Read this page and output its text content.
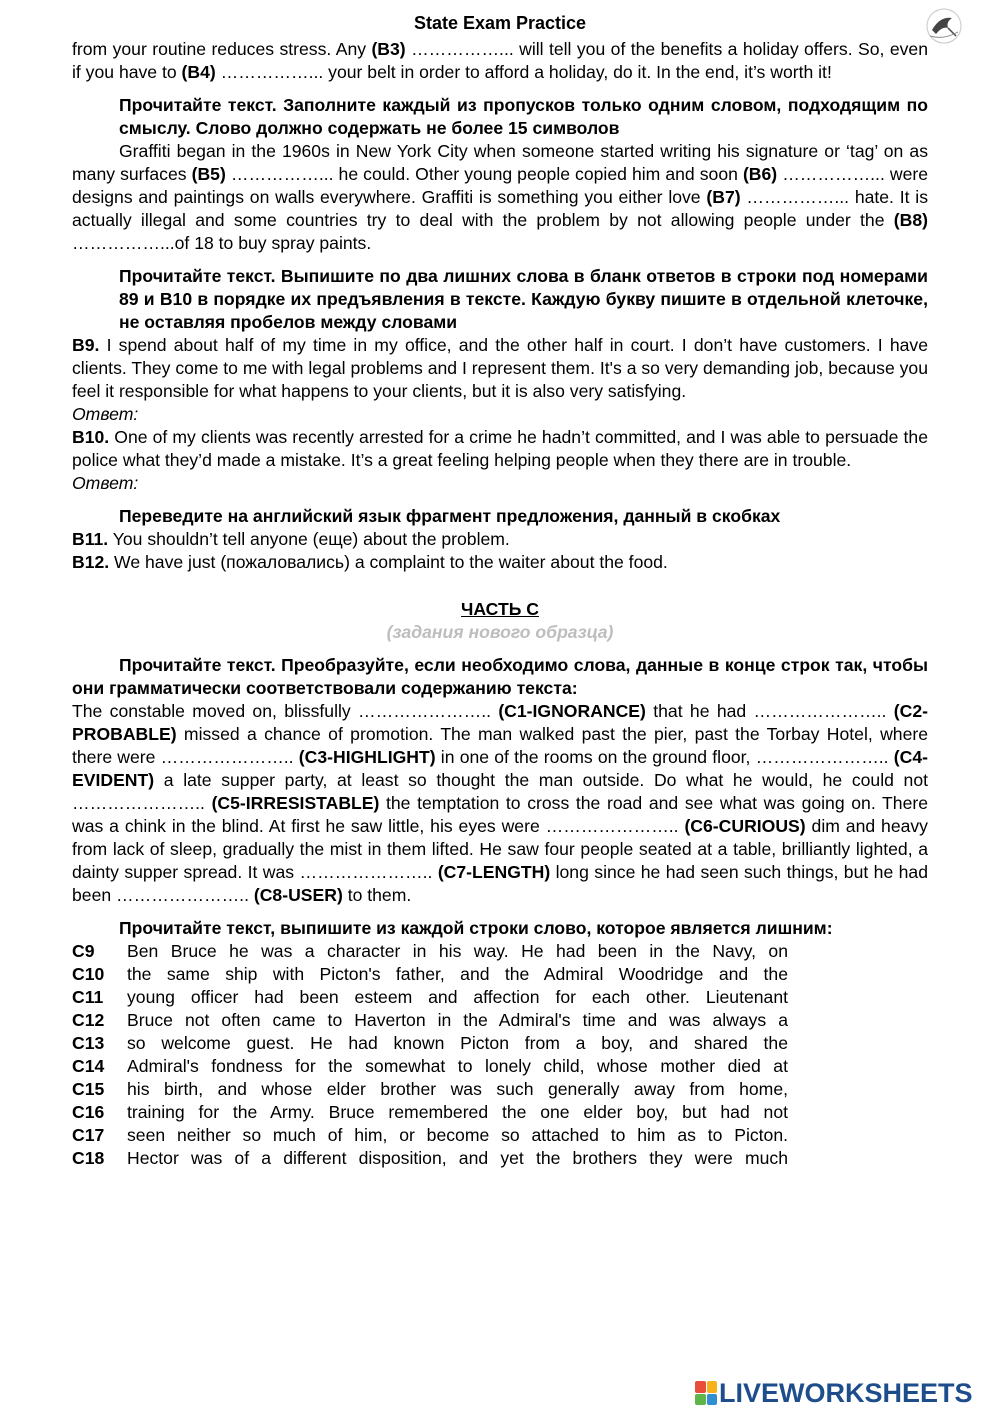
State Exam Practice

from your routine reduces stress. Any (B3) ……………... will tell you of the benefits a holiday offers. So, even if you have to (B4) ……………... your belt in order to afford a holiday, do it. In the end, it’s worth it!

Прочитайте текст. Заполните каждый из пропусков только одним словом, подходящим по смыслу. Слово должно содержать не более 15 символов

Graffiti began in the 1960s in New York City when someone started writing his signature or ‘tag’ on as many surfaces (B5) ……………... he could. Other young people copied him and soon (B6) ……………... were designs and paintings on walls everywhere. Graffiti is something you either love (B7) ……………... hate. It is actually illegal and some countries try to deal with the problem by not allowing people under the (B8) ……………...of 18 to buy spray paints.

Прочитайте текст. Выпишите по два лишних слова в бланк ответов в строки под номерами 89 и В10 в порядке их предъявления в тексте. Каждую букву пишите в отдельной клеточке, не оставляя пробелов между словами

B9. I spend about half of my time in my office, and the other half in court. I don’t have customers. I have clients. They come to me with legal problems and I represent them. It's a so very demanding job, because you feel it responsible for what happens to your clients, but it is also very satisfying.

Ответ:

B10. One of my clients was recently arrested for a crime he hadn’t committed, and I was able to persuade the police what they’d made a mistake. It’s a great feeling helping people when they there are in trouble.

Ответ:

Переведите на английский язык фрагмент предложения, данный в скобках

B11. You shouldn’t tell anyone (еще) about the problem.

B12. We have just (пожаловались) a complaint to the waiter about the food.

ЧАСТЬ С

(задания нового образца)

Прочитайте текст. Преобразуйте, если необходимо слова, данные в конце строк так, чтобы они грамматически соответствовали содержанию текста:

The constable moved on, blissfully ………………….. (C1-IGNORANCE) that he had ………………….. (C2-PROBABLE) missed a chance of promotion. The man walked past the pier, past the Torbay Hotel, where there were ………………….. (C3-HIGHLIGHT) in one of the rooms on the ground floor, ………………….. (C4-EVIDENT) a late supper party, at least so thought the man outside. Do what he would, he could not ………………….. (C5-IRRESISTABLE) the temptation to cross the road and see what was going on. There was a chink in the blind. At first he saw little, his eyes were ………………….. (C6-CURIOUS) dim and heavy from lack of sleep, gradually the mist in them lifted. He saw four people seated at a table, brilliantly lighted, a dainty supper spread. It was ………………….. (C7-LENGTH) long since he had seen such things, but he had been ………………….. (C8-USER) to them.

Прочитайте текст, выпишите из каждой строки слово, которое является лишним:

C9	Ben Bruce he was a character in his way. He had been in the Navy, on
C10	the same ship with Picton's father, and the Admiral Woodridge and the
C11	young officer had been esteem and affection for each other. Lieutenant
C12	Bruce not often came to Haverton in the Admiral's time and was always a
C13	so welcome guest. He had known Picton from a boy, and shared the
C14	Admiral's fondness for the somewhat to lonely child, whose mother died at
C15	his birth, and whose elder brother was such generally away from home,
C16	training for the Army. Bruce remembered the one elder boy, but had not
C17	seen neither so much of him, or become so attached to him as to Picton.
C18	Hector was of a different disposition, and yet the brothers they were much
LIVEWORKSHEETS
